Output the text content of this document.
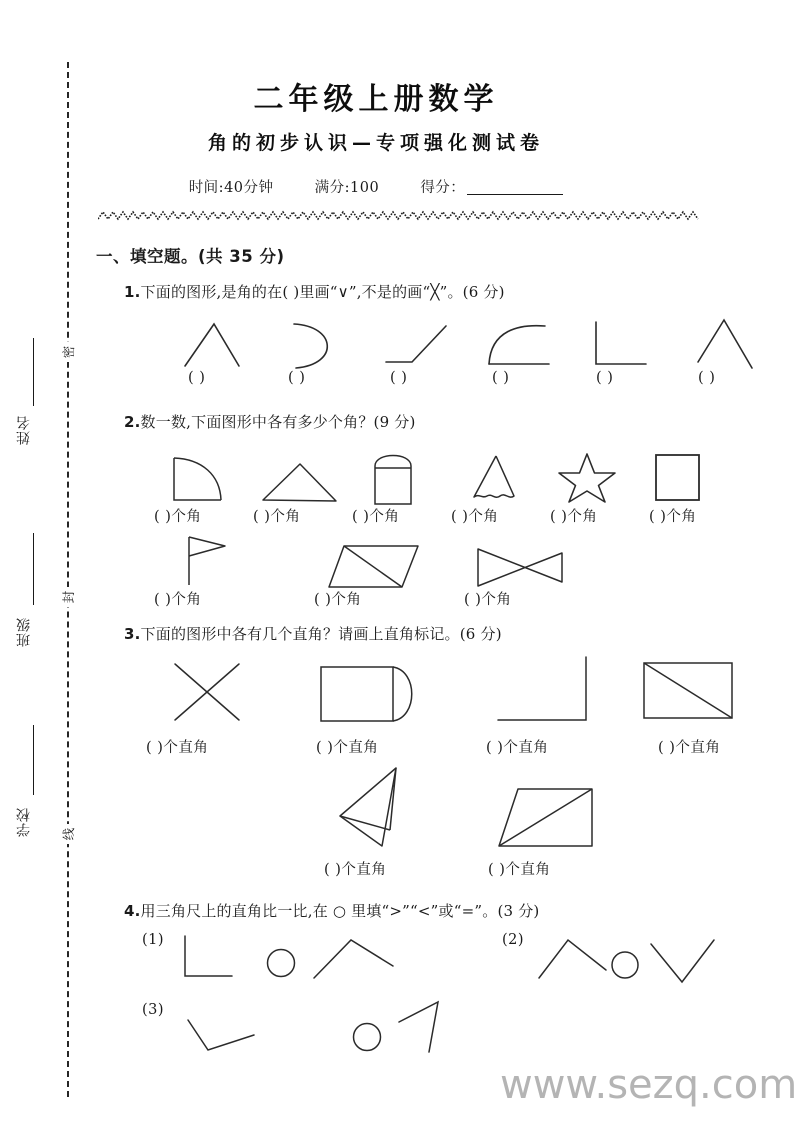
密
封
线
姓名
班级
学校
二年级上册数学
角的初步认识—专项强化测试卷
时间:40分钟	满分:100	得分：
一、填空题。(共 35 分)
1.下面的图形,是角的在( )里画“∨”,不是的画“╳”。(6 分)
( )	( )	( )	( )	( )	( )
2.数一数,下面图形中各有多少个角？(9 分)
( )个角	( )个角	( )个角	( )个角	( )个角	( )个角
( )个角	( )个角	( )个角
3.下面的图形中各有几个直角？请画上直角标记。(6 分)
( )个直角	( )个直角	( )个直角	( )个直角
( )个直角	( )个直角
4.用三角尺上的直角比一比,在 ○ 里填“>”“<”或“=”。(3 分)
(1)	(2)
(3)
www.sezq.com
